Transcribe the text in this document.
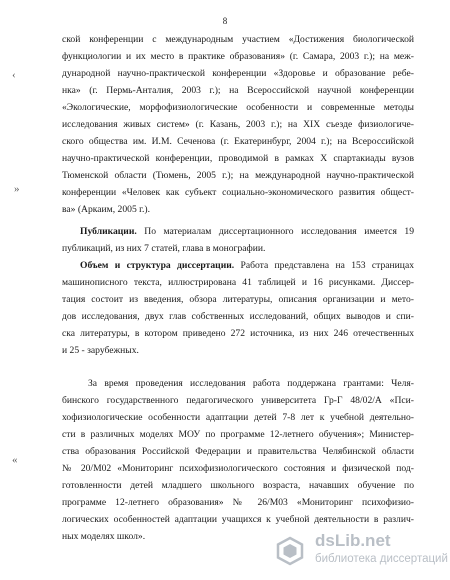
8
ской конференции с международным участием «Достижения биологической
функциологии и их место в практике образования» (г. Самара, 2003 г.); на меж-
дународной научно-практической конференции «Здоровье и образование ребе-
нка» (г. Пермь-Анталия, 2003 г.); на Всероссийской научной конференции
«Экологические, морфофизиологические особенности и современные методы
исследования живых систем» (г. Казань, 2003 г.); на XIX съезде физиологиче-
ского общества им. И.М. Сеченова (г. Екатеринбург, 2004 г.); на Всероссийской
научно-практической конференции, проводимой в рамках Х спартакиады вузов
Тюменской области (Тюмень, 2005 г.); на международной научно-практической
конференции «Человек как субъект социально-экономического развития общест-
ва» (Аркаим, 2005 г.).
Публикации. По материалам диссертационного исследования имеется 19
публикаций, из них 7 статей, глава в монографии.
Объем и структура диссертации. Работа представлена на 153 страницах
машинописного текста, иллюстрирована 41 таблицей и 16 рисунками. Диссер-
тация состоит из введения, обзора литературы, описания организации и мето-
дов исследования, двух глав собственных исследований, общих выводов и спи-
ска литературы, в котором приведено 272 источника, из них 246 отечественных
и 25 - зарубежных.
За время проведения исследования работа поддержана грантами: Челя-
бинского государственного педагогического университета Гр-Г 48/02/А «Пси-
хофизиологические особенности адаптации детей 7-8 лет к учебной деятельно-
сти в различных моделях МОУ по программе 12-летнего обучения»; Министер-
ства образования Российской Федерации и правительства Челябинской области
№ 20/М02 «Мониторинг психофизиологического состояния и физической под-
готовленности детей младшего школьного возраста, начавших обучение по
программе 12-летнего образования» № 26/М03 «Мониторинг психофизио-
логических особенностей адаптации учащихся к учебной деятельности в различ-
ных моделях школ».
‹
»
«
dsLib.net
библиотека диссертаций
